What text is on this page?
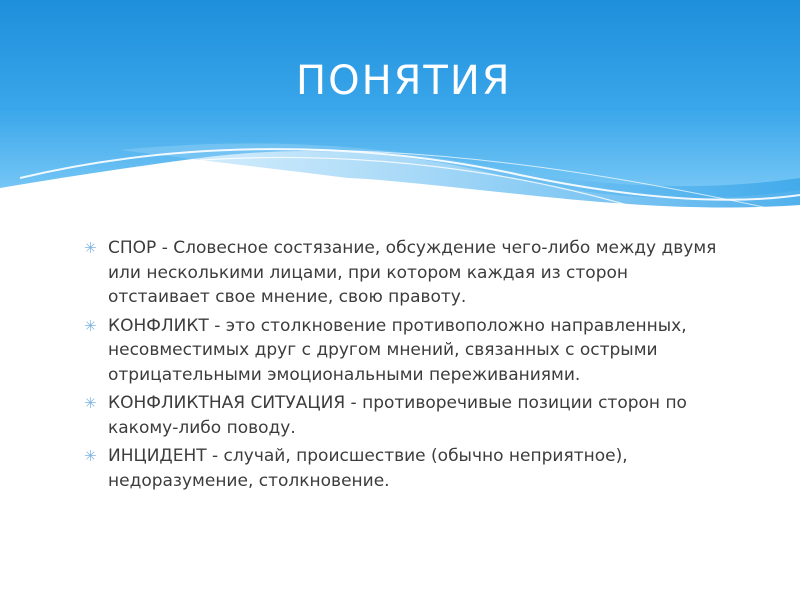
ПОНЯТИЯ
✳ СПОР - Словесное состязание, обсуждение чего-либо между двумя или несколькими лицами, при котором каждая из сторон отстаивает свое мнение, свою правоту.
✳ КОНФЛИКТ - это столкновение противоположно направленных, несовместимых друг с другом мнений, связанных с острыми отрицательными эмоциональными переживаниями.
✳ КОНФЛИКТНАЯ СИТУАЦИЯ - противоречивые позиции сторон по какому-либо поводу.
✳ ИНЦИДЕНТ - случай, происшествие (обычно неприятное), недоразумение, столкновение.
